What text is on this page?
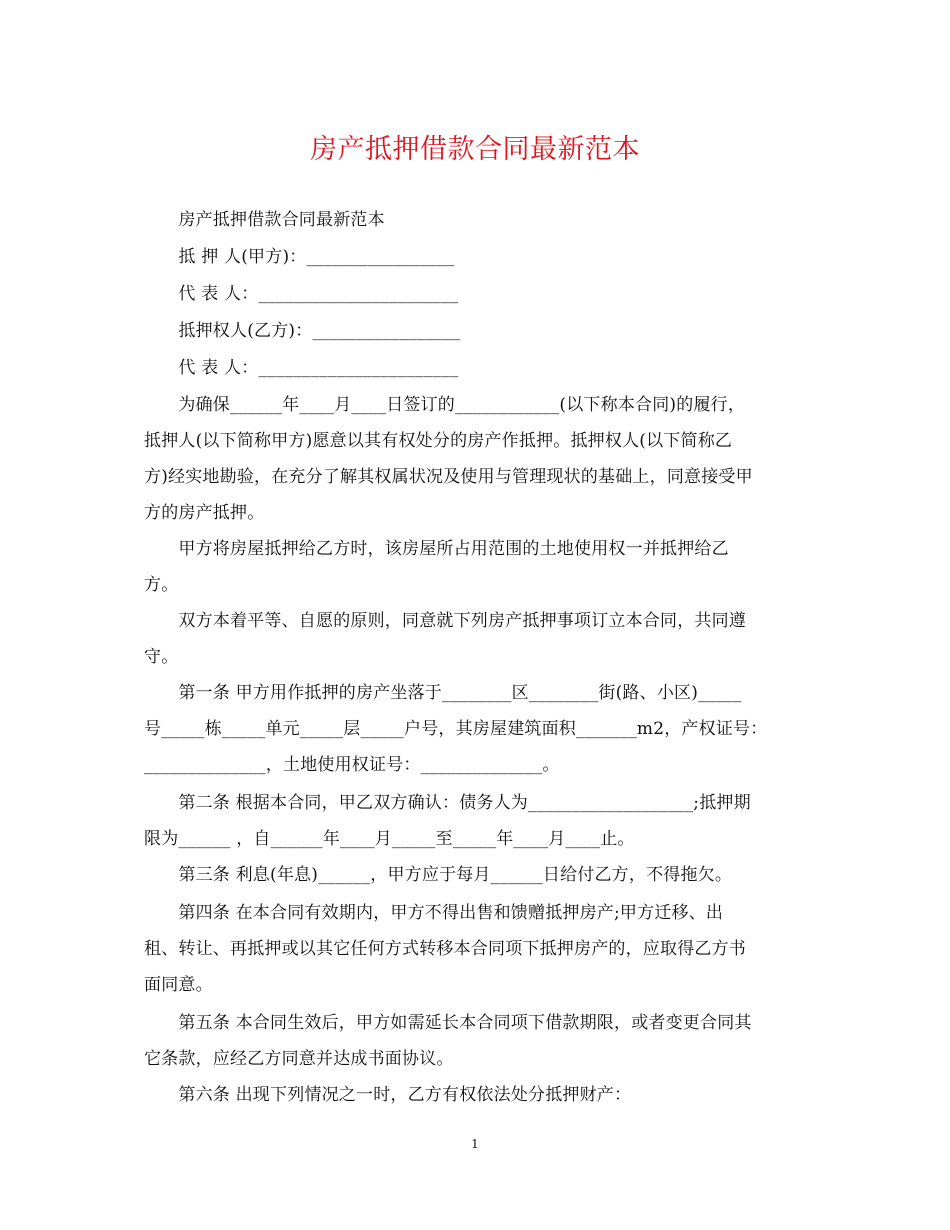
房产抵押借款合同最新范本
　　房产抵押借款合同最新范本
　　抵 押 人(甲方)：_________________
　　代 表 人：_______________________
　　抵押权人(乙方)：_________________
　　代 表 人：_______________________
　　为确保______年____月____日签订的____________(以下称本合同)的履行，
抵押人(以下简称甲方)愿意以其有权处分的房产作抵押。抵押权人(以下简称乙
方)经实地勘验，在充分了解其权属状况及使用与管理现状的基础上，同意接受甲
方的房产抵押。
　　甲方将房屋抵押给乙方时，该房屋所占用范围的土地使用权一并抵押给乙
方。
　　双方本着平等、自愿的原则，同意就下列房产抵押事项订立本合同，共同遵
守。
　　第一条 甲方用作抵押的房产坐落于________区________街(路、小区)_____
号_____栋_____单元_____层_____户号，其房屋建筑面积_______m2，产权证号：
______________，土地使用权证号：______________。
　　第二条 根据本合同，甲乙双方确认：债务人为___________________;抵押期
限为______ ，自______年____月_____至_____年____月____止。
　　第三条 利息(年息)______，甲方应于每月______日给付乙方，不得拖欠。
　　第四条 在本合同有效期内，甲方不得出售和馈赠抵押房产;甲方迁移、出
租、转让、再抵押或以其它任何方式转移本合同项下抵押房产的，应取得乙方书
面同意。
　　第五条 本合同生效后，甲方如需延长本合同项下借款期限，或者变更合同其
它条款，应经乙方同意并达成书面协议。
　　第六条 出现下列情况之一时，乙方有权依法处分抵押财产：
1
